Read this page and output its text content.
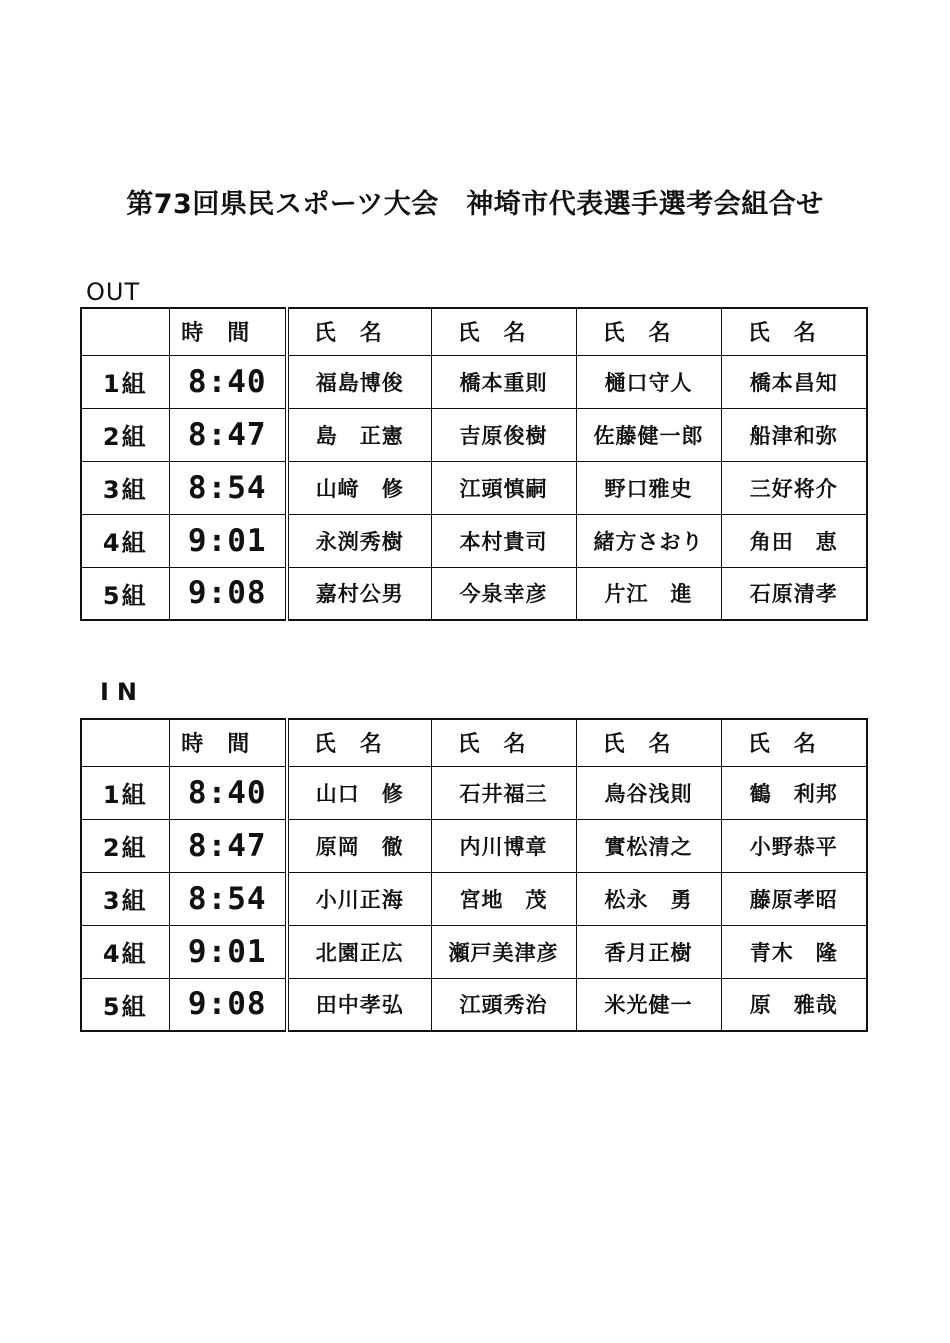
第73回県民スポーツ大会　神埼市代表選手選考会組合せ
OUT
	時間	氏名	氏名	氏名	氏名
1組	8:40	福島博俊	橋本重則	樋口守人	橋本昌知
2組	8:47	島　正憲	吉原俊樹	佐藤健一郎	船津和弥
3組	8:54	山﨑　修	江頭慎嗣	野口雅史	三好将介
4組	9:01	永渕秀樹	本村貴司	緒方さおり	角田　恵
5組	9:08	嘉村公男	今泉幸彦	片江　進	石原清孝
IN
	時間	氏名	氏名	氏名	氏名
1組	8:40	山口　修	石井福三	鳥谷浅則	鶴　利邦
2組	8:47	原岡　徹	内川博章	實松清之	小野恭平
3組	8:54	小川正海	宮地　茂	松永　勇	藤原孝昭
4組	9:01	北園正広	瀬戸美津彦	香月正樹	青木　隆
5組	9:08	田中孝弘	江頭秀治	米光健一	原　雅哉
